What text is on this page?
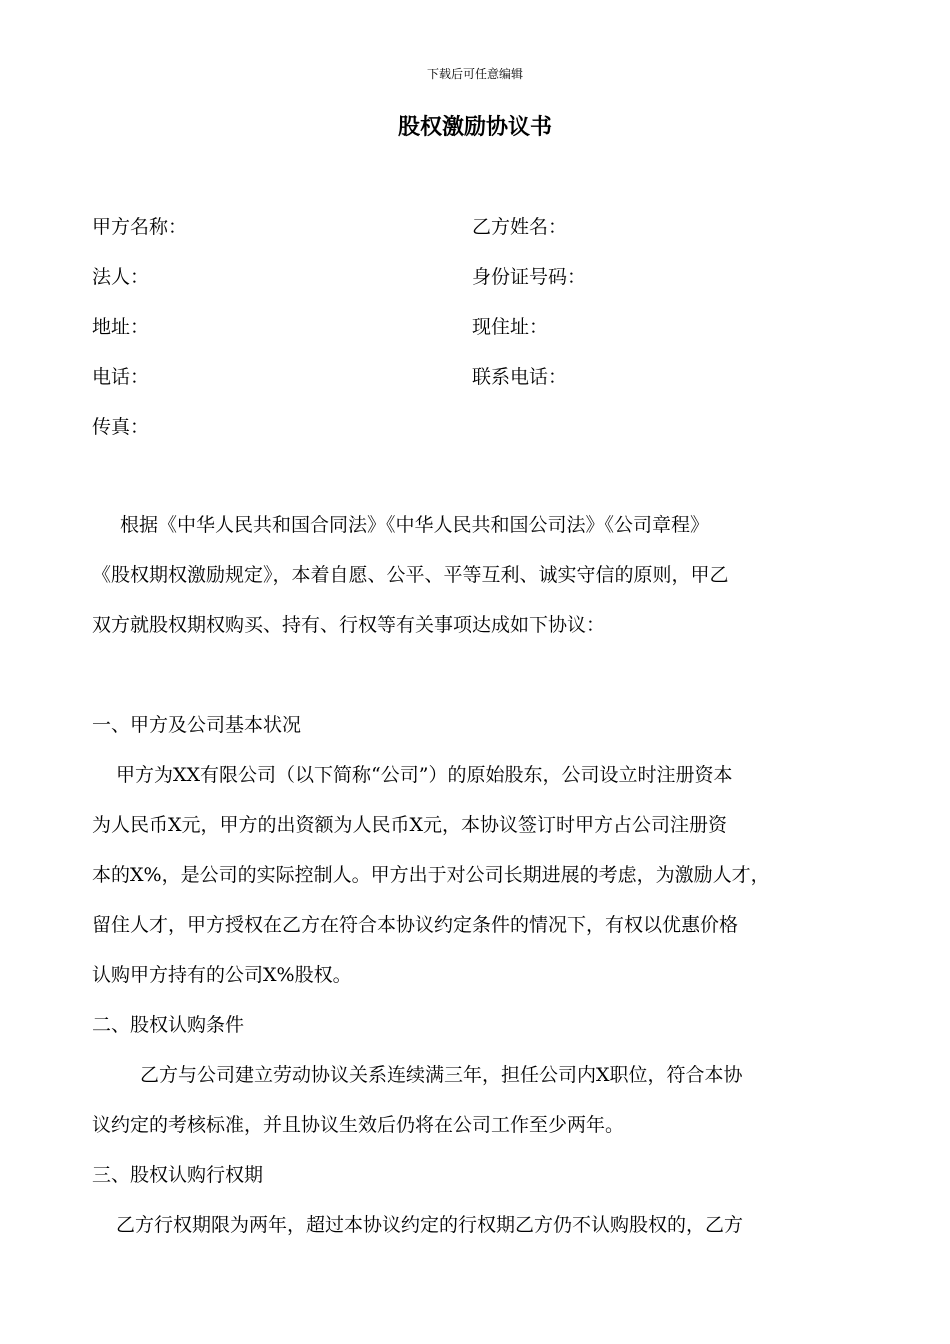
下载后可任意编辑
股权激励协议书
甲方名称：
法人：
地址：
电话：
传真：
乙方姓名：
身份证号码：
现住址：
联系电话：
根据《中华人民共和国合同法》《中华人民共和国公司法》《公司章程》
《股权期权激励规定》，本着自愿、公平、平等互利、诚实守信的原则，甲乙
双方就股权期权购买、持有、行权等有关事项达成如下协议：
一、甲方及公司基本状况
甲方为XX有限公司（以下简称“公司”）的原始股东，公司设立时注册资本
为人民币X元，甲方的出资额为人民币X元，本协议签订时甲方占公司注册资
本的X%，是公司的实际控制人。甲方出于对公司长期进展的考虑，为激励人才，
留住人才，甲方授权在乙方在符合本协议约定条件的情况下，有权以优惠价格
认购甲方持有的公司X%股权。
二、股权认购条件
乙方与公司建立劳动协议关系连续满三年，担任公司内X职位，符合本协
议约定的考核标准，并且协议生效后仍将在公司工作至少两年。
三、股权认购行权期
乙方行权期限为两年，超过本协议约定的行权期乙方仍不认购股权的，乙方
